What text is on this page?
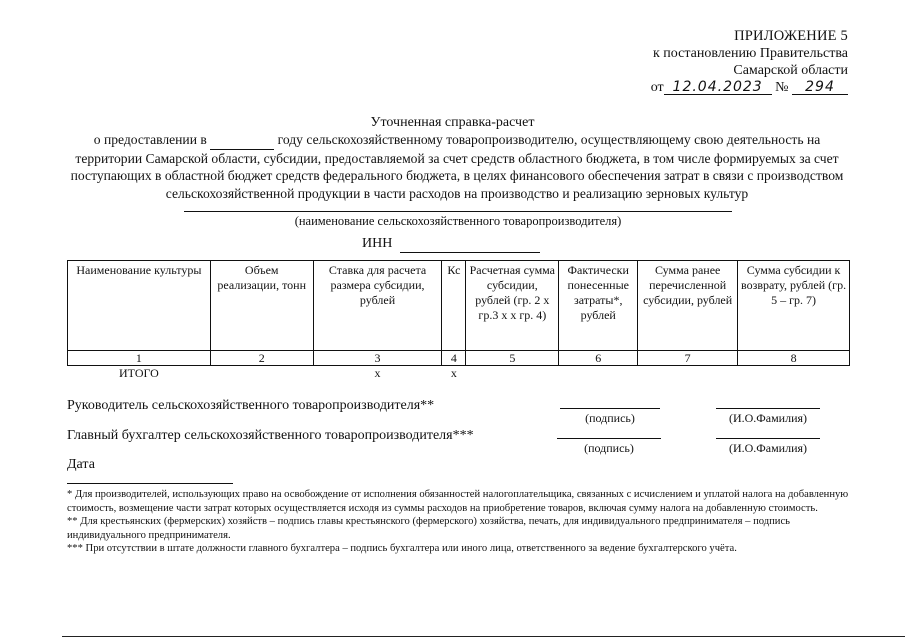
ПРИЛОЖЕНИЕ 5
к постановлению Правительства
Самарской области
от 12.04.2023 № 294
Уточненная справка-расчет
о предоставлении в	году сельскохозяйственному товаропроизводителю, осуществляющему свою деятельность на территории Самарской области, субсидии, предоставляемой за счет средств областного бюджета, в том числе формируемых за счет поступающих в областной бюджет средств федерального бюджета, в целях финансового обеспечения затрат в связи с производством сельскохозяйственной продукции в части расходов на производство и реализацию зерновых культур
(наименование сельскохозяйственного товаропроизводителя)
ИНН
Наименование культуры	Объем реализации, тонн	Ставка для расчета размера субсидии, рублей	Кс	Расчетная сумма субсидии, рублей (гр. 2 х гр.3 х х гр. 4)	Фактически понесенные затраты*, рублей	Сумма ранее перечисленной субсидии, рублей	Сумма субсидии к возврату, рублей (гр. 5 – гр. 7)
1	2	3	4	5	6	7	8
ИТОГО		х	х				
Руководитель сельскохозяйственного товаропроизводителя**
(подпись)	(И.О.Фамилия)
Главный бухгалтер сельскохозяйственного товаропроизводителя***
(подпись)	(И.О.Фамилия)
Дата

* Для производителей, использующих право на освобождение от исполнения обязанностей налогоплательщика, связанных с исчислением и уплатой налога на добавленную стоимость, возмещение части затрат которых осуществляется исходя из суммы расходов на приобретение товаров, включая сумму налога на добавленную стоимость.

** Для крестьянских (фермерских) хозяйств – подпись главы крестьянского (фермерского) хозяйства, печать, для индивидуального предпринимателя – подпись индивидуального предпринимателя.

*** При отсутствии в штате должности главного бухгалтера – подпись бухгалтера или иного лица, ответственного за ведение бухгалтерского учёта.
